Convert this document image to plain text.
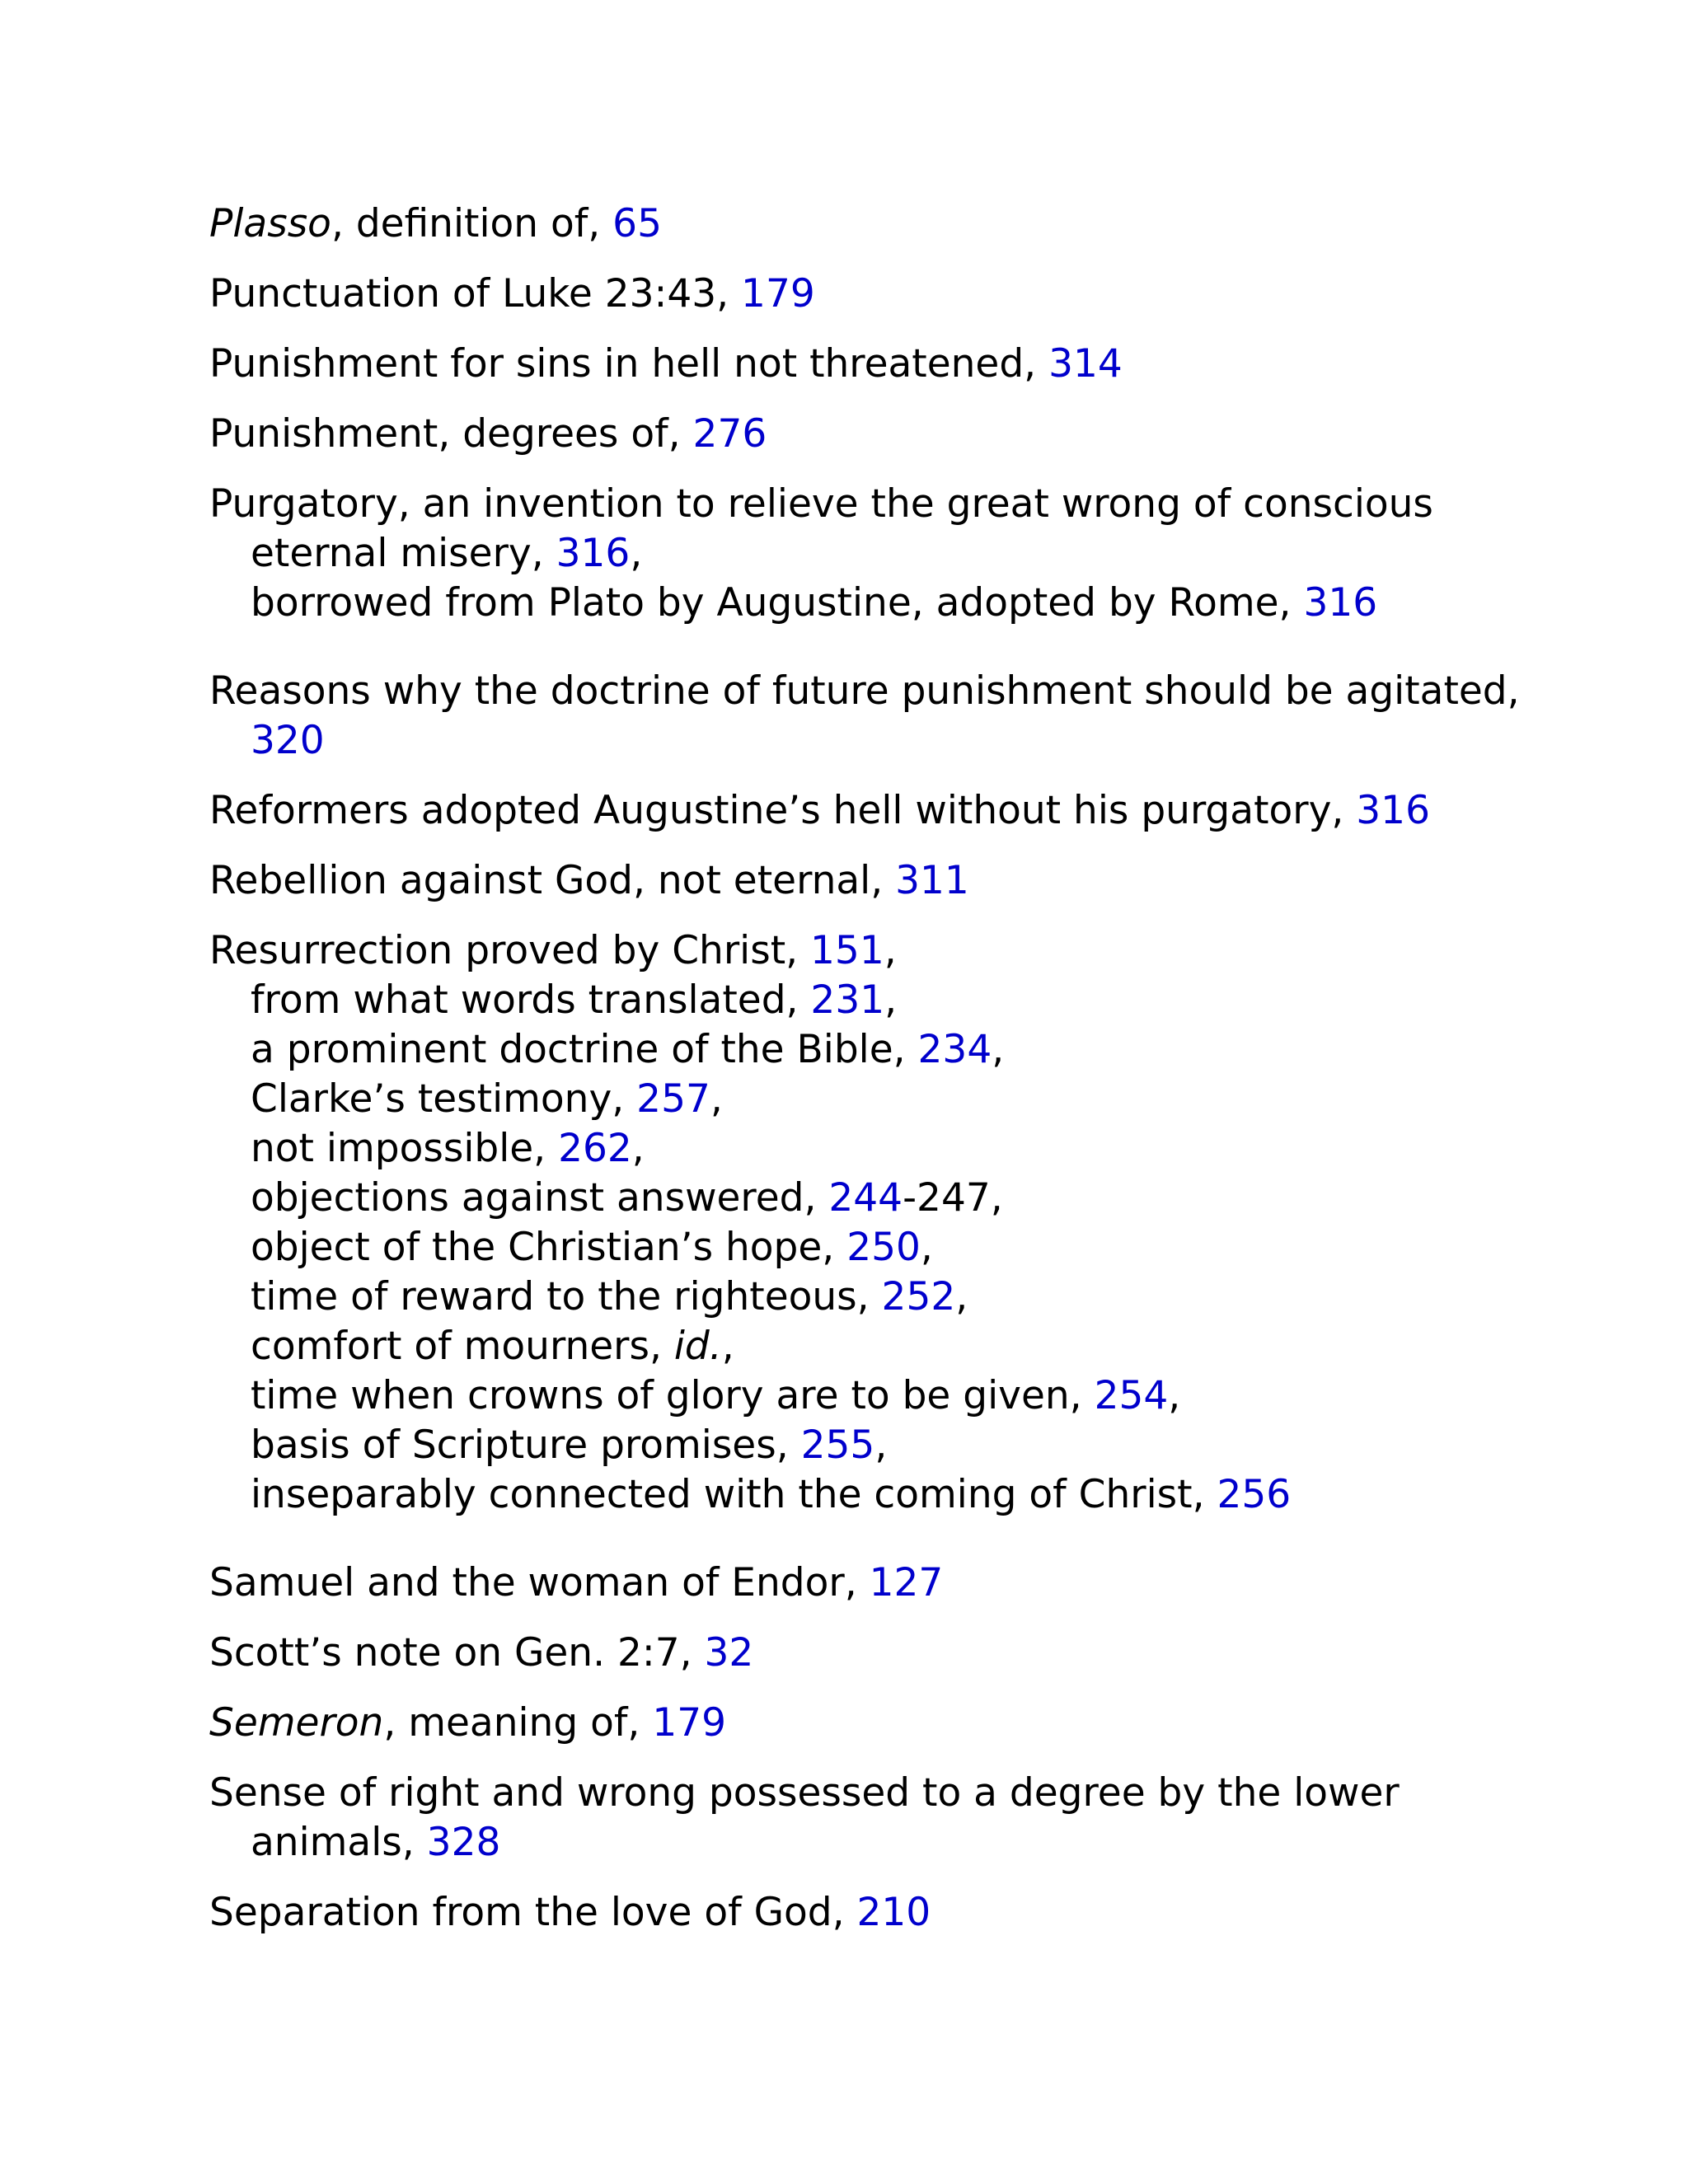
Plasso, definition of, 65
Punctuation of Luke 23:43, 179
Punishment for sins in hell not threatened, 314
Punishment, degrees of, 276
Purgatory, an invention to relieve the great wrong of conscious
eternal misery, 316,
borrowed from Plato by Augustine, adopted by Rome, 316
Reasons why the doctrine of future punishment should be agitated,
320
Reformers adopted Augustine’s hell without his purgatory, 316
Rebellion against God, not eternal, 311
Resurrection proved by Christ, 151,
from what words translated, 231,
a prominent doctrine of the Bible, 234,
Clarke’s testimony, 257,
not impossible, 262,
objections against answered, 244-247,
object of the Christian’s hope, 250,
time of reward to the righteous, 252,
comfort of mourners, id.,
time when crowns of glory are to be given, 254,
basis of Scripture promises, 255,
inseparably connected with the coming of Christ, 256
Samuel and the woman of Endor, 127
Scott’s note on Gen. 2:7, 32
Semeron, meaning of, 179
Sense of right and wrong possessed to a degree by the lower
animals, 328
Separation from the love of God, 210
